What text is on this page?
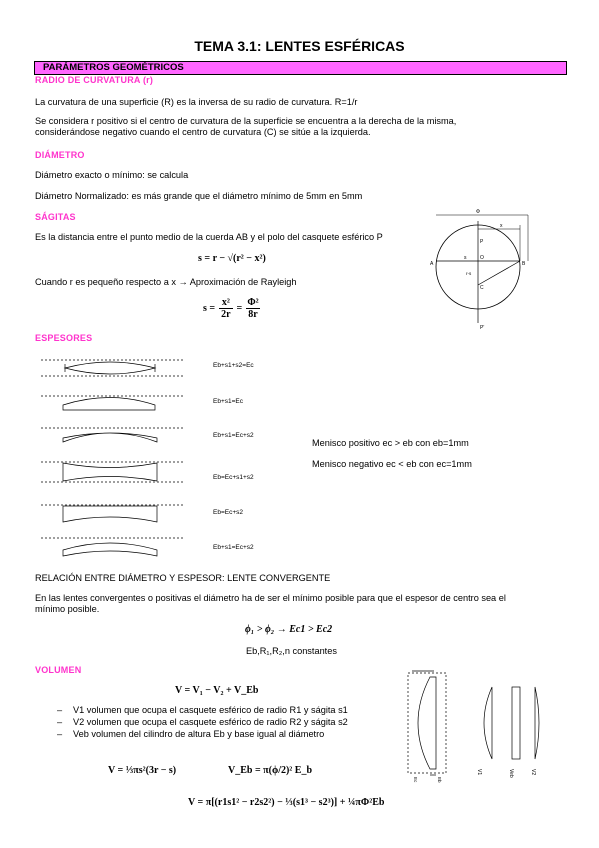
TEMA 3.1: LENTES ESFÉRICAS
PARÁMETROS GEOMÉTRICOS
RADIO DE CURVATURA (r)
La curvatura de una superficie (R) es la inversa de su radio de curvatura. R=1/r
Se considera r positivo si el centro de curvatura de la superficie se encuentra a la derecha de la misma,
considerándose negativo cuando el centro de curvatura (C) se sitúe a la izquierda.
DIÁMETRO
Diámetro exacto o mínimo: se calcula
Diámetro Normalizado: es más grande que el diámetro mínimo de 5mm en 5mm
SÁGITAS
Es la distancia entre el punto medio de la cuerda AB y el polo del casquete esférico P
s = r − √(r² − x²)
Cuando r es pequeño respecto a x → Aproximación de Rayleigh
$s = \frac{\text{x²}}{2r} = \frac{\text{Φ²}}{8r}$
Φ
x
A	B
P
s	O
r-s
C
P'
ESPESORES
Eb+s1+s2=Ec
Eb+s1=Ec
Eb+s1=Ec+s2
Eb=Ec+s1+s2
Eb=Ec+s2
Eb+s1=Ec+s2
Menisco positivo ec > eb con eb=1mm
Menisco negativo ec < eb con ec=1mm
RELACIÓN ENTRE DIÁMETRO Y ESPESOR: LENTE CONVERGENTE
En las lentes convergentes o positivas el diámetro ha de ser el mínimo posible para que el espesor de centro sea el
mínimo posible.
ϕ₁ > ϕ₂ → Ec1 > Ec2
Eb,R₁,R₂,n constantes
VOLUMEN
V = V₁ − V₂ + V_Eb
– V1 volumen que ocupa el casquete esférico de radio R1 y ságita s1
– V2 volumen que ocupa el casquete esférico de radio R2 y ságita s2
– Veb volumen del cilindro de altura Eb y base igual al diámetro
V = ⅓πs²(3r − s)	V_Eb = π(ϕ/2)² E_b
V = π[(r1s1² − r2s2²) − ⅓(s1³ − s2³)] + ¼πΦ²Eb
V1	Veb	V2
Ec	Eb
